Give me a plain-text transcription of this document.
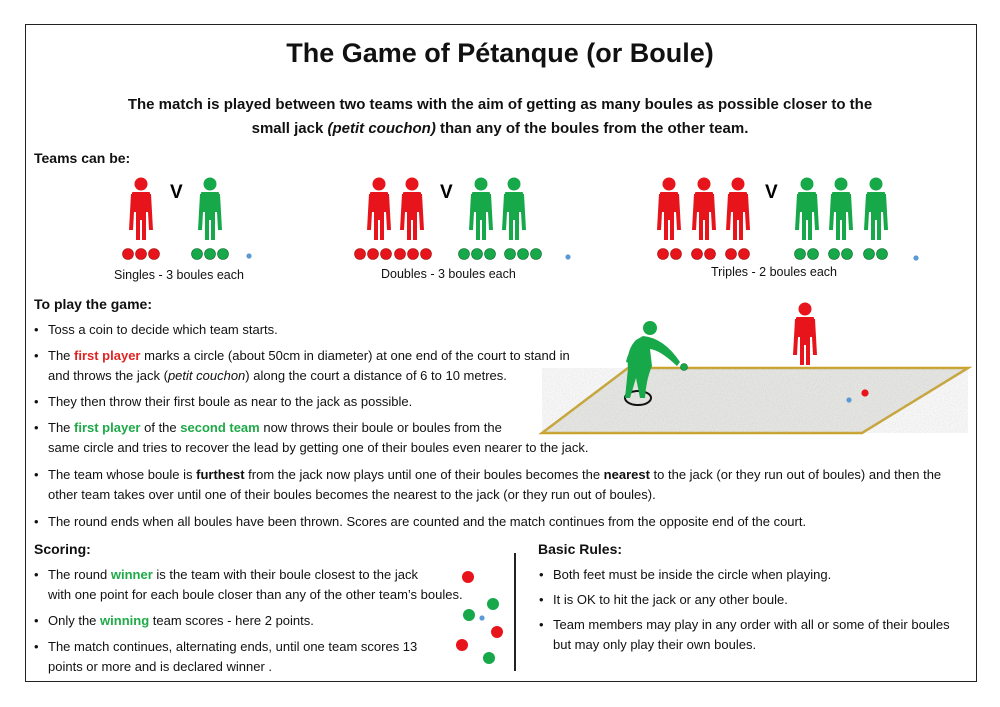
The Game of Pétanque (or Boule)
The match is played between two teams with the aim of getting as many boules as possible closer to the
small jack (petit couchon) than any of the boules from the other team.
Teams can be:
V	V	V
Singles - 3 boules each	Doubles - 3 boules each	Triples - 2 boules each
To play the game:
• Toss a coin to decide which team starts.
• The first player marks a circle (about 50cm in diameter) at one end of the court to stand in
and throws the jack (petit couchon) along the court a distance of 6 to 10 metres.
• They then throw their first boule as near to the jack as possible.
• The first player of the second team now throws their boule or boules from the
same circle and tries to recover the lead by getting one of their boules even nearer to the jack.
• The team whose boule is furthest from the jack now plays until one of their boules becomes the nearest to the jack (or they run out of boules) and then the
other team takes over until one of their boules becomes the nearest to the jack (or they run out of boules).
• The round ends when all boules have been thrown. Scores are counted and the match continues from the opposite end of the court.
Scoring:
• The round winner is the team with their boule closest to the jack
with one point for each boule closer than any of the other team’s boules.
• Only the winning team scores - here 2 points.
• The match continues, alternating ends, until one team scores 13
points or more and is declared winner .
Basic Rules:
• Both feet must be inside the circle when playing.
• It is OK to hit the jack or any other boule.
• Team members may play in any order with all or some of their boules
but may only play their own boules.
